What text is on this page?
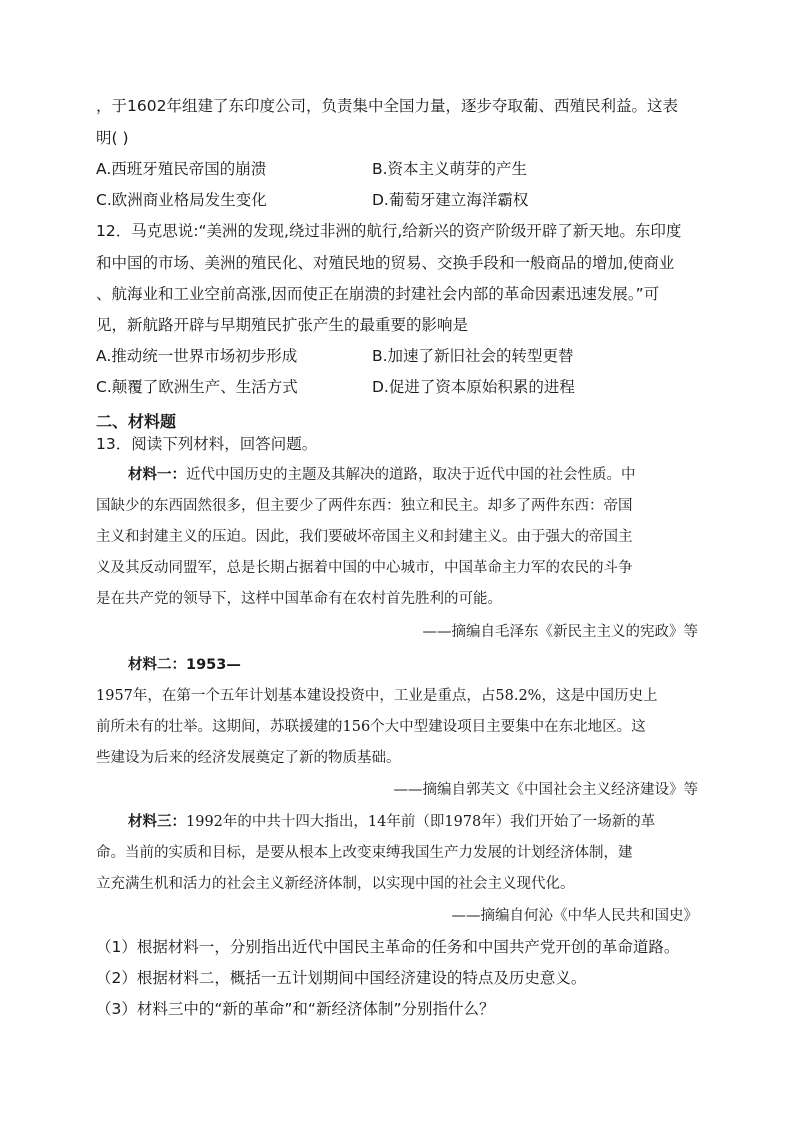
，于1602年组建了东印度公司，负责集中全国力量，逐步夺取葡、西殖民利益。这表
明( )
A.西班牙殖民帝国的崩溃	B.资本主义萌芽的产生
C.欧洲商业格局发生变化	D.葡萄牙建立海洋霸权
12．马克思说:“美洲的发现,绕过非洲的航行,给新兴的资产阶级开辟了新天地。东印度
和中国的市场、美洲的殖民化、对殖民地的贸易、交换手段和一般商品的增加,使商业
、航海业和工业空前高涨,因而使正在崩溃的封建社会内部的革命因素迅速发展。”可
见，新航路开辟与早期殖民扩张产生的最重要的影响是
A.推动统一世界市场初步形成	B.加速了新旧社会的转型更替
C.颠覆了欧洲生产、生活方式	D.促进了资本原始积累的进程
二、材料题
13．阅读下列材料，回答问题。
材料一：近代中国历史的主题及其解决的道路，取决于近代中国的社会性质。中
国缺少的东西固然很多，但主要少了两件东西：独立和民主。却多了两件东西：帝国
主义和封建主义的压迫。因此，我们要破坏帝国主义和封建主义。由于强大的帝国主
义及其反动同盟军，总是长期占据着中国的中心城市，中国革命主力军的农民的斗争
是在共产党的领导下，这样中国革命有在农村首先胜利的可能。
——摘编自毛泽东《新民主主义的宪政》等
材料二：1953—
1957年，在第一个五年计划基本建设投资中，工业是重点，占58.2%，这是中国历史上
前所未有的壮举。这期间，苏联援建的156个大中型建设项目主要集中在东北地区。这
些建设为后来的经济发展奠定了新的物质基础。
——摘编自郭芙文《中国社会主义经济建设》等
材料三：1992年的中共十四大指出，14年前（即1978年）我们开始了一场新的革
命。当前的实质和目标，是要从根本上改变束缚我国生产力发展的计划经济体制，建
立充满生机和活力的社会主义新经济体制，以实现中国的社会主义现代化。
——摘编自何沁《中华人民共和国史》
（1）根据材料一，分别指出近代中国民主革命的任务和中国共产党开创的革命道路。
（2）根据材料二，概括一五计划期间中国经济建设的特点及历史意义。
（3）材料三中的“新的革命”和“新经济体制”分别指什么？
